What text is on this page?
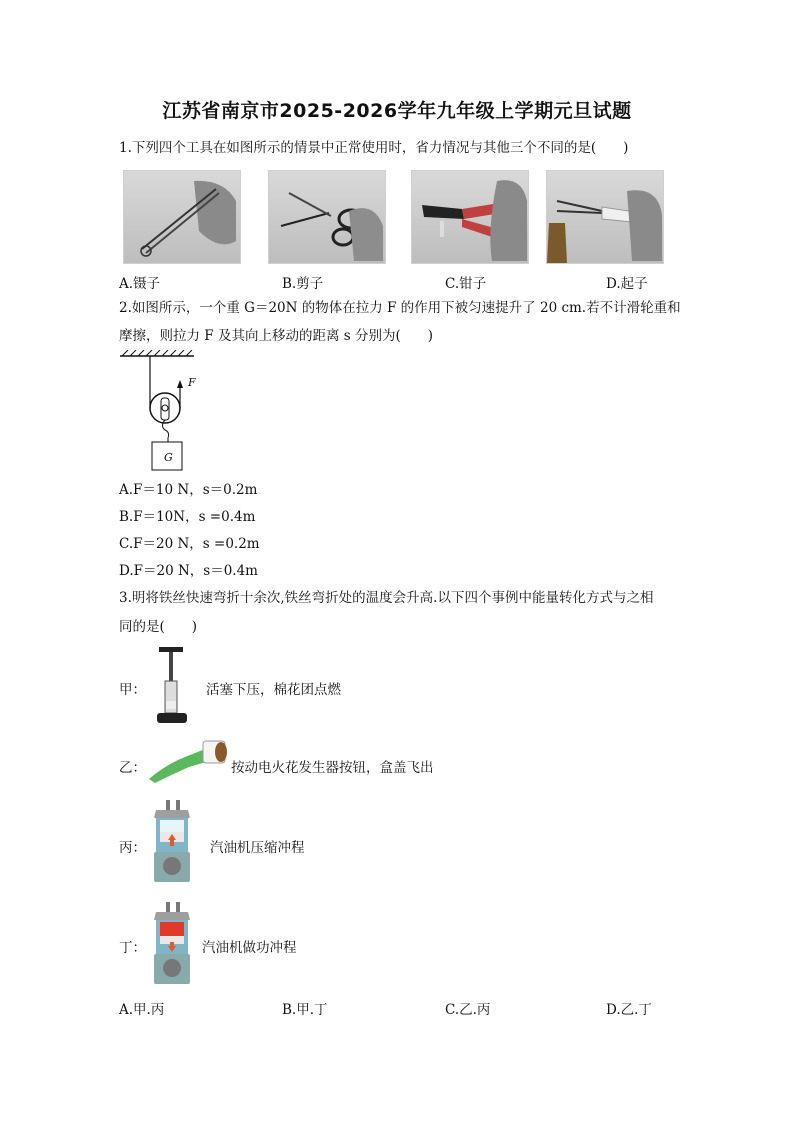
江苏省南京市2025-2026学年九年级上学期元旦试题
1.下列四个工具在如图所示的情景中正常使用时，省力情况与其他三个不同的是(　　)
A.镊子	B.剪子	C.钳子	D.起子
2.如图所示，一个重 G＝20N 的物体在拉力 F 的作用下被匀速提升了 20 cm.若不计滑轮重和
摩擦，则拉力 F 及其向上移动的距离 s 分别为(　　)
F
G
A.F＝10 N，s＝0.2m
B.F＝10N，s =0.4m
C.F＝20 N，s =0.2m
D.F＝20 N，s＝0.4m
3.明将铁丝快速弯折十余次,铁丝弯折处的温度会升高.以下四个事例中能量转化方式与之相
同的是(　　)
甲：	活塞下压，棉花团点燃
乙：	按动电火花发生器按钮，盒盖飞出
丙：	汽油机压缩冲程
丁：	汽油机做功冲程
A.甲.丙	B.甲.丁	C.乙.丙	D.乙.丁
